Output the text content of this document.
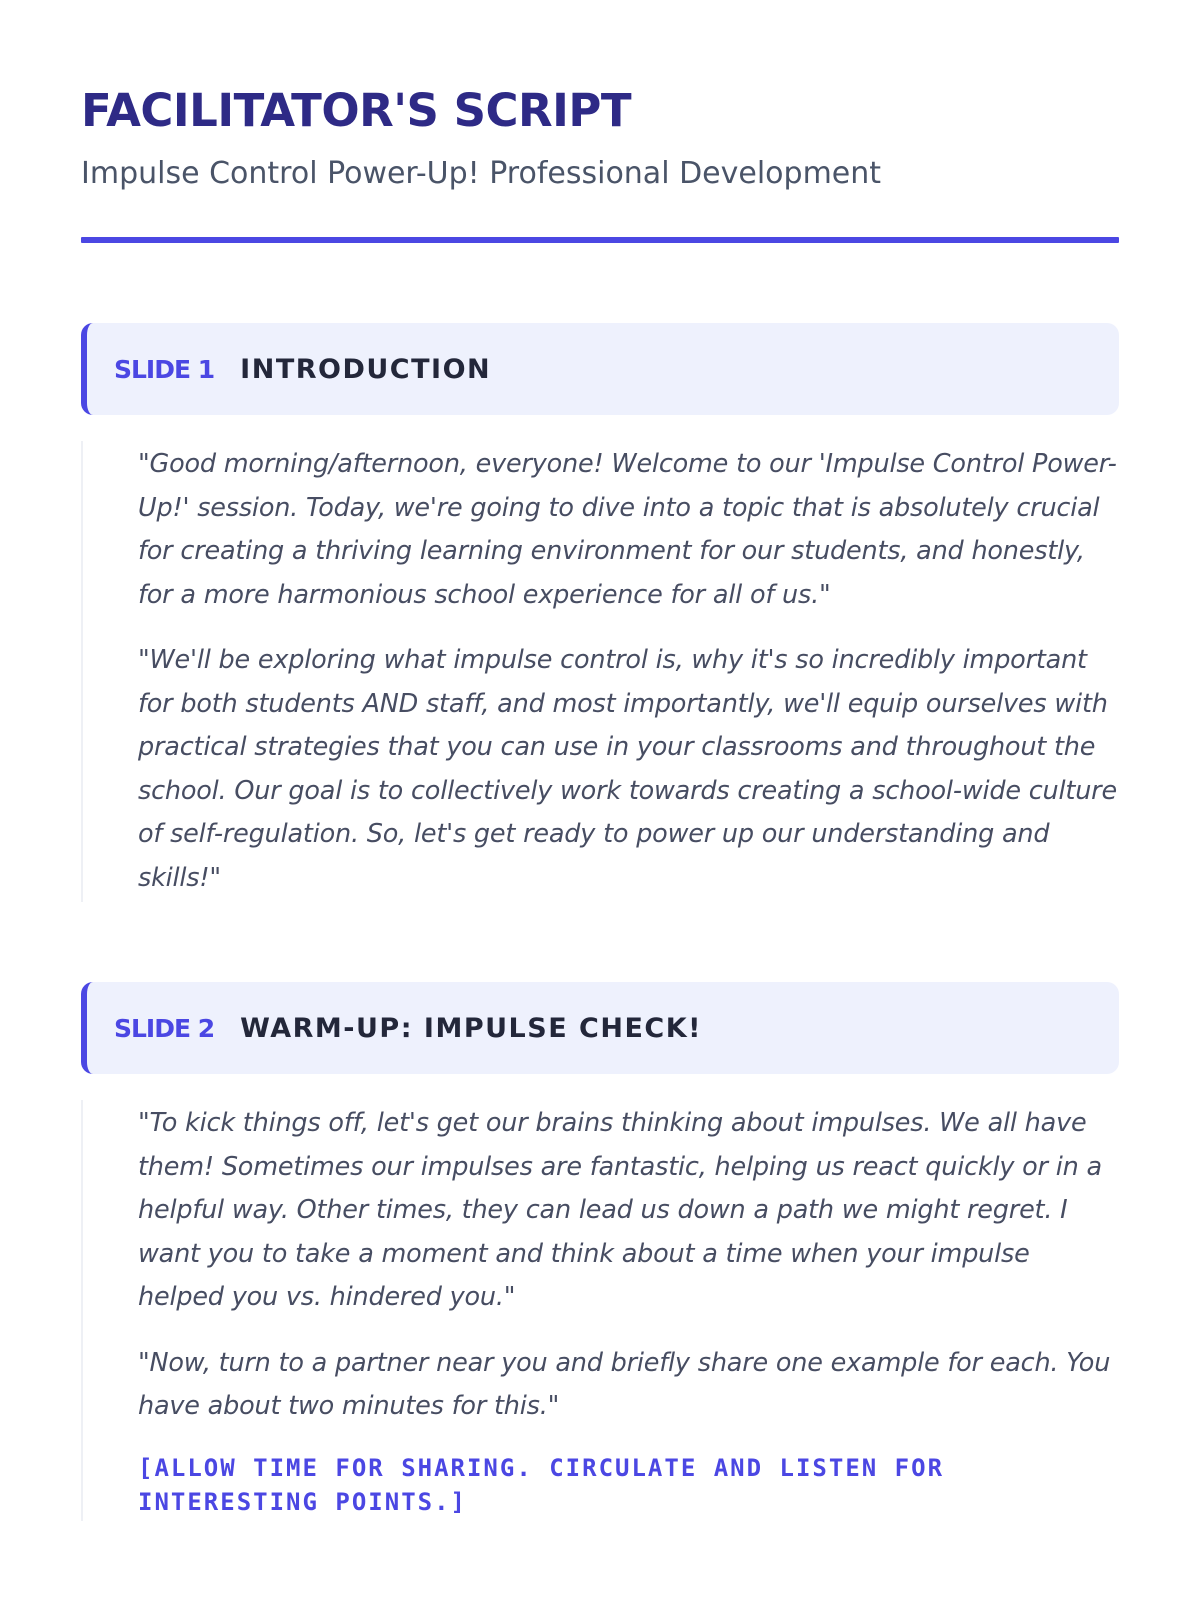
FACILITATOR'S SCRIPT
Impulse Control Power-Up! Professional Development
SLIDE 1 INTRODUCTION

"Good morning/afternoon, everyone! Welcome to our 'Impulse Control Power-Up!' session. Today, we're going to dive into a topic that is absolutely crucial for creating a thriving learning environment for our students, and honestly, for a more harmonious school experience for all of us."

"We'll be exploring what impulse control is, why it's so incredibly important for both students AND staff, and most importantly, we'll equip ourselves with practical strategies that you can use in your classrooms and throughout the school. Our goal is to collectively work towards creating a school-wide culture of self-regulation. So, let's get ready to power up our understanding and skills!"

SLIDE 2 WARM-UP: IMPULSE CHECK!

"To kick things off, let's get our brains thinking about impulses. We all have them! Sometimes our impulses are fantastic, helping us react quickly or in a helpful way. Other times, they can lead us down a path we might regret. I want you to take a moment and think about a time when your impulse helped you vs. hindered you."

"Now, turn to a partner near you and briefly share one example for each. You have about two minutes for this."

[ALLOW TIME FOR SHARING. CIRCULATE AND LISTEN FOR INTERESTING POINTS.]
